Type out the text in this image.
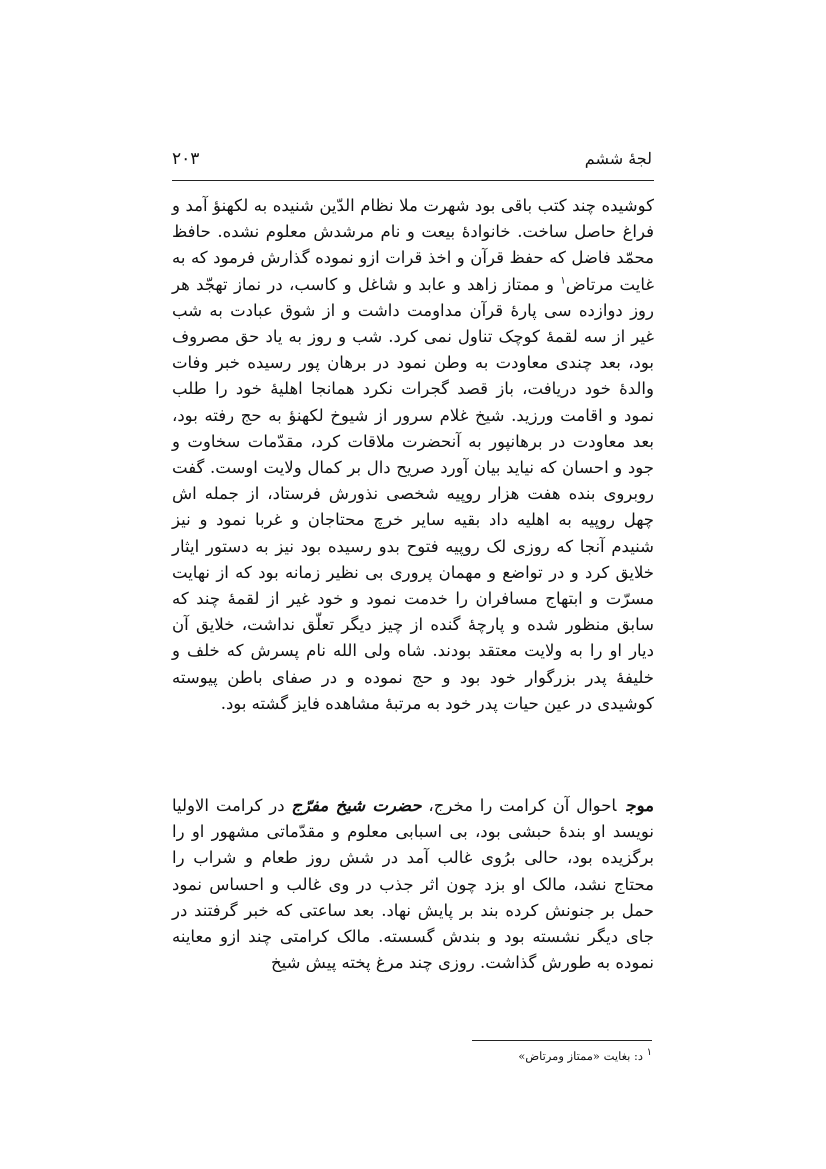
۲۰۳	لجۀ ششم

کوشیده چند کتب باقی بود شهرت ملا نظام الدّین شنیده به لکهنؤ آمد و فراغ حاصل ساخت. خانوادۀ بیعت و نام مرشدش معلوم نشده. حافظ محمّد فاضل که حفظ قرآن و اخذ قرات ازو نموده گذارش فرمود که به غایت مرتاض$^۱$ و ممتاز زاهد و عابد و شاغل و کاسب، در نماز تهجّد هر روز دوازده سی پارۀ قرآن مداومت داشت و از شوق عبادت به شب غیر از سه لقمۀ کوچک تناول نمی کرد. شب و روز به یاد حق مصروف بود، بعد چندی معاودت به وطن نمود در برهان پور رسیده خبر وفات والدۀ خود دریافت، باز قصد گجرات نکرد همانجا اهلیۀ خود را طلب نمود و اقامت ورزید. شیخ غلام سرور از شیوخ لکهنؤ به حج رفته بود، بعد معاودت در برهانپور به آنحضرت ملاقات کرد، مقدّمات سخاوت و جود و احسان که نیاید بیان آورد صریح دال بر کمال ولایت اوست. گفت روبروی بنده هفت هزار روپیه شخصی نذورش فرستاد، از جمله اش چهل روپیه به اهلیه داد بقیه سایر خرچ محتاجان و غربا نمود و نیز شنیدم آنجا که روزی لک روپیه فتوح بدو رسیده بود نیز به دستور ایثار خلایق کرد و در تواضع و مهمان پروری بی نظیر زمانه بود که از نهایت مسرّت و ابتهاج مسافران را خدمت نمود و خود غیر از لقمۀ چند که سابق منظور شده و پارچۀ گنده از چیز دیگر تعلّق نداشت، خلایق آن دیار او را به ولایت معتقد بودند. شاه ولی الله نام پسرش که خلف و خلیفۀ پدر بزرگوار خود بود و حج نموده و در صفای باطن پیوسته کوشیدی در عین حیات پدر خود به مرتبۀ مشاهده فایز گشته بود.

موجاحوال آن کرامت را مخرج، حضرت شیخ مفرّج در کرامت الاولیا نویسد او بندۀ حبشی بود، بی اسبابی معلوم و مقدّماتی مشهور او را برگزیده بود، حالی برُوی غالب آمد در شش روز طعام و شراب را محتاج نشد، مالک او بزد چون اثر جذب در وی غالب و احساس نمود حمل بر جنونش کرده بند بر پایش نهاد. بعد ساعتی که خبر گرفتند در جای دیگر نشسته بود و بندش گسسته. مالک کرامتی چند ازو معاینه نموده به طورش گذاشت. روزی چند مرغ پخته پیش شیخ

۱ د: بغایت «ممتاز ومرتاض»
